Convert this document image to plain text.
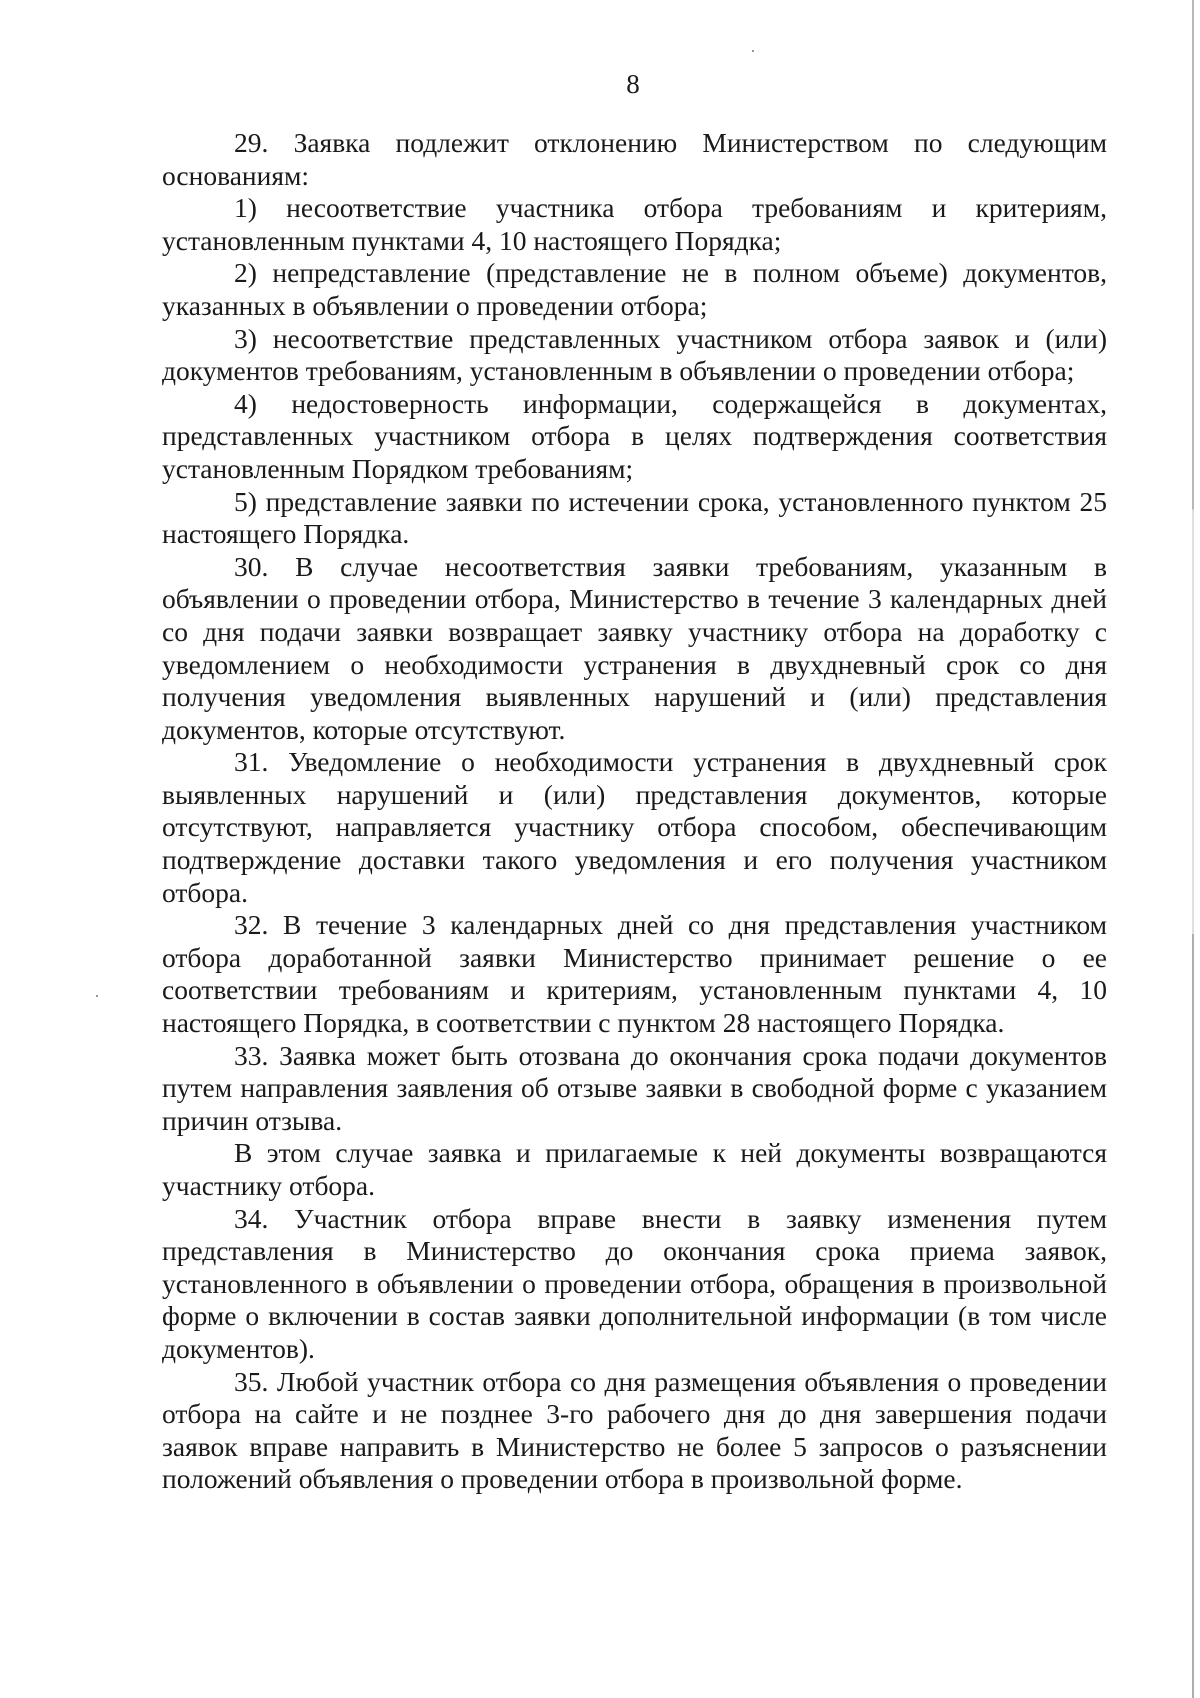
8

29. Заявка подлежит отклонению Министерством по следующим основаниям:

1) несоответствие участника отбора требованиям и критериям, установленным пунктами 4, 10 настоящего Порядка;

2) непредставление (представление не в полном объеме) документов, указанных в объявлении о проведении отбора;

3) несоответствие представленных участником отбора заявок и (или) документов требованиям, установленным в объявлении о проведении отбора;

4) недостоверность информации, содержащейся в документах, представленных участником отбора в целях подтверждения соответствия установленным Порядком требованиям;

5) представление заявки по истечении срока, установленного пунктом 25 настоящего Порядка.

30. В случае несоответствия заявки требованиям, указанным в объявлении о проведении отбора, Министерство в течение 3 календарных дней со дня подачи заявки возвращает заявку участнику отбора на доработку с уведомлением о необходимости устранения в двухдневный срок со дня получения уведомления выявленных нарушений и (или) представления документов, которые отсутствуют.

31. Уведомление о необходимости устранения в двухдневный срок выявленных нарушений и (или) представления документов, которые отсутствуют, направляется участнику отбора способом, обеспечивающим подтверждение доставки такого уведомления и его получения участником отбора.

32. В течение 3 календарных дней со дня представления участником отбора доработанной заявки Министерство принимает решение о ее соответствии требованиям и критериям, установленным пунктами 4, 10 настоящего Порядка, в соответствии с пунктом 28 настоящего Порядка.

33. Заявка может быть отозвана до окончания срока подачи документов путем направления заявления об отзыве заявки в свободной форме с указанием причин отзыва.

В этом случае заявка и прилагаемые к ней документы возвращаются участнику отбора.

34. Участник отбора вправе внести в заявку изменения путем представления в Министерство до окончания срока приема заявок, установленного в объявлении о проведении отбора, обращения в произвольной форме о включении в состав заявки дополнительной информации (в том числе документов).

35. Любой участник отбора со дня размещения объявления о проведении отбора на сайте и не позднее 3-го рабочего дня до дня завершения подачи заявок вправе направить в Министерство не более 5 запросов о разъяснении положений объявления о проведении отбора в произвольной форме.
